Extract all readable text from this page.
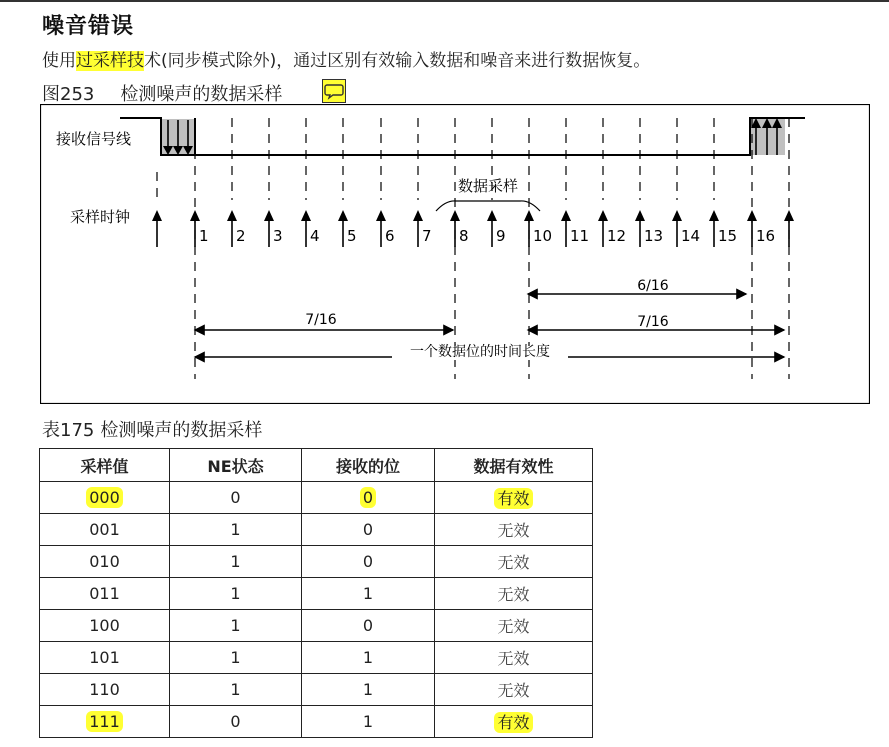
噪音错误
使用过采样技术(同步模式除外)，通过区别有效输入数据和噪音来进行数据恢复。
图253 检测噪声的数据采样
接收信号线
采样时钟
1 2 3 4 5 6 7 8 9 10 11 12 13 14 15 16
数据采样
6/16
7/16	7/16
一个数据位的时间长度
表175 检测噪声的数据采样
采样值	NE状态	接收的位	数据有效性
000	0	0	有效
001	1	0	无效
010	1	0	无效
011	1	1	无效
100	1	0	无效
101	1	1	无效
110	1	1	无效
111	0	1	有效
